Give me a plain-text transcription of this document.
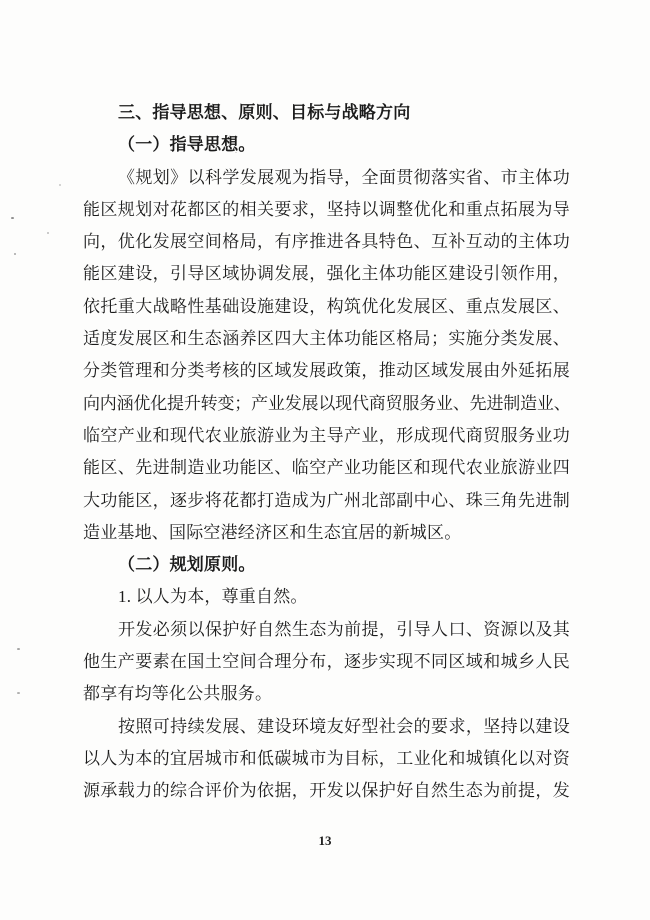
三、指导思想、原则、目标与战略方向
（一）指导思想。
《规划》以科学发展观为指导，全面贯彻落实省、市主体功
能区规划对花都区的相关要求，坚持以调整优化和重点拓展为导
向，优化发展空间格局，有序推进各具特色、互补互动的主体功
能区建设，引导区域协调发展，强化主体功能区建设引领作用，
依托重大战略性基础设施建设，构筑优化发展区、重点发展区、
适度发展区和生态涵养区四大主体功能区格局；实施分类发展、
分类管理和分类考核的区域发展政策，推动区域发展由外延拓展
向内涵优化提升转变；产业发展以现代商贸服务业、先进制造业、
临空产业和现代农业旅游业为主导产业，形成现代商贸服务业功
能区、先进制造业功能区、临空产业功能区和现代农业旅游业四
大功能区，逐步将花都打造成为广州北部副中心、珠三角先进制
造业基地、国际空港经济区和生态宜居的新城区。
（二）规划原则。
1. 以人为本，尊重自然。
开发必须以保护好自然生态为前提，引导人口、资源以及其
他生产要素在国土空间合理分布，逐步实现不同区域和城乡人民
都享有均等化公共服务。
按照可持续发展、建设环境友好型社会的要求，坚持以建设
以人为本的宜居城市和低碳城市为目标，工业化和城镇化以对资
源承载力的综合评价为依据，开发以保护好自然生态为前提，发
13
